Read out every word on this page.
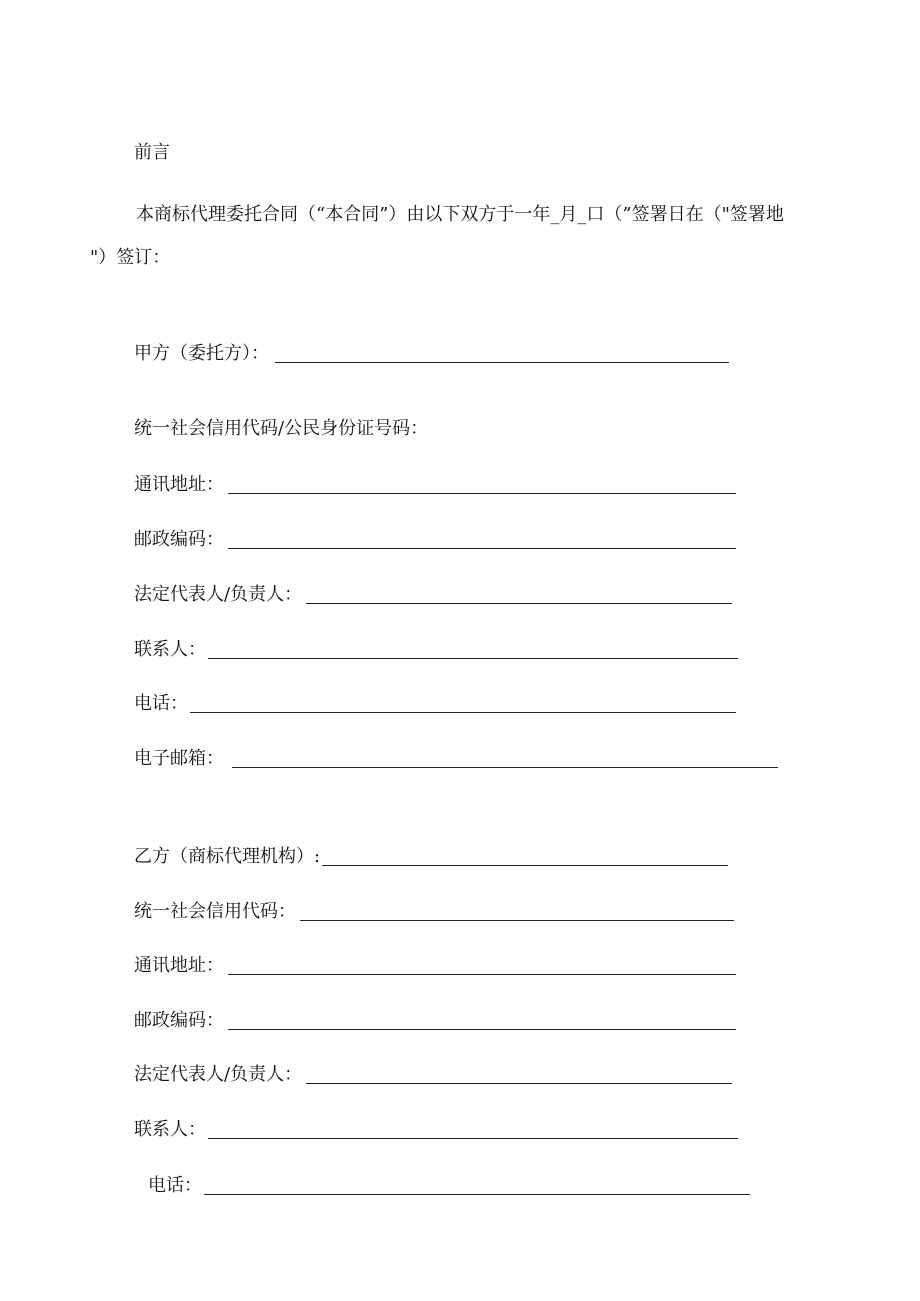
前言
本商标代理委托合同（“本合同”）由以下双方于一年_月_口（”签署日在（"签署地
"）签订：
甲方（委托方）：
统一社会信用代码/公民身份证号码：
通讯地址：
邮政编码：
法定代表人/负责人：
联系人：
电话：
电子邮箱：
乙方（商标代理机构）:
统一社会信用代码：
通讯地址：
邮政编码：
法定代表人/负责人：
联系人：
电话：
